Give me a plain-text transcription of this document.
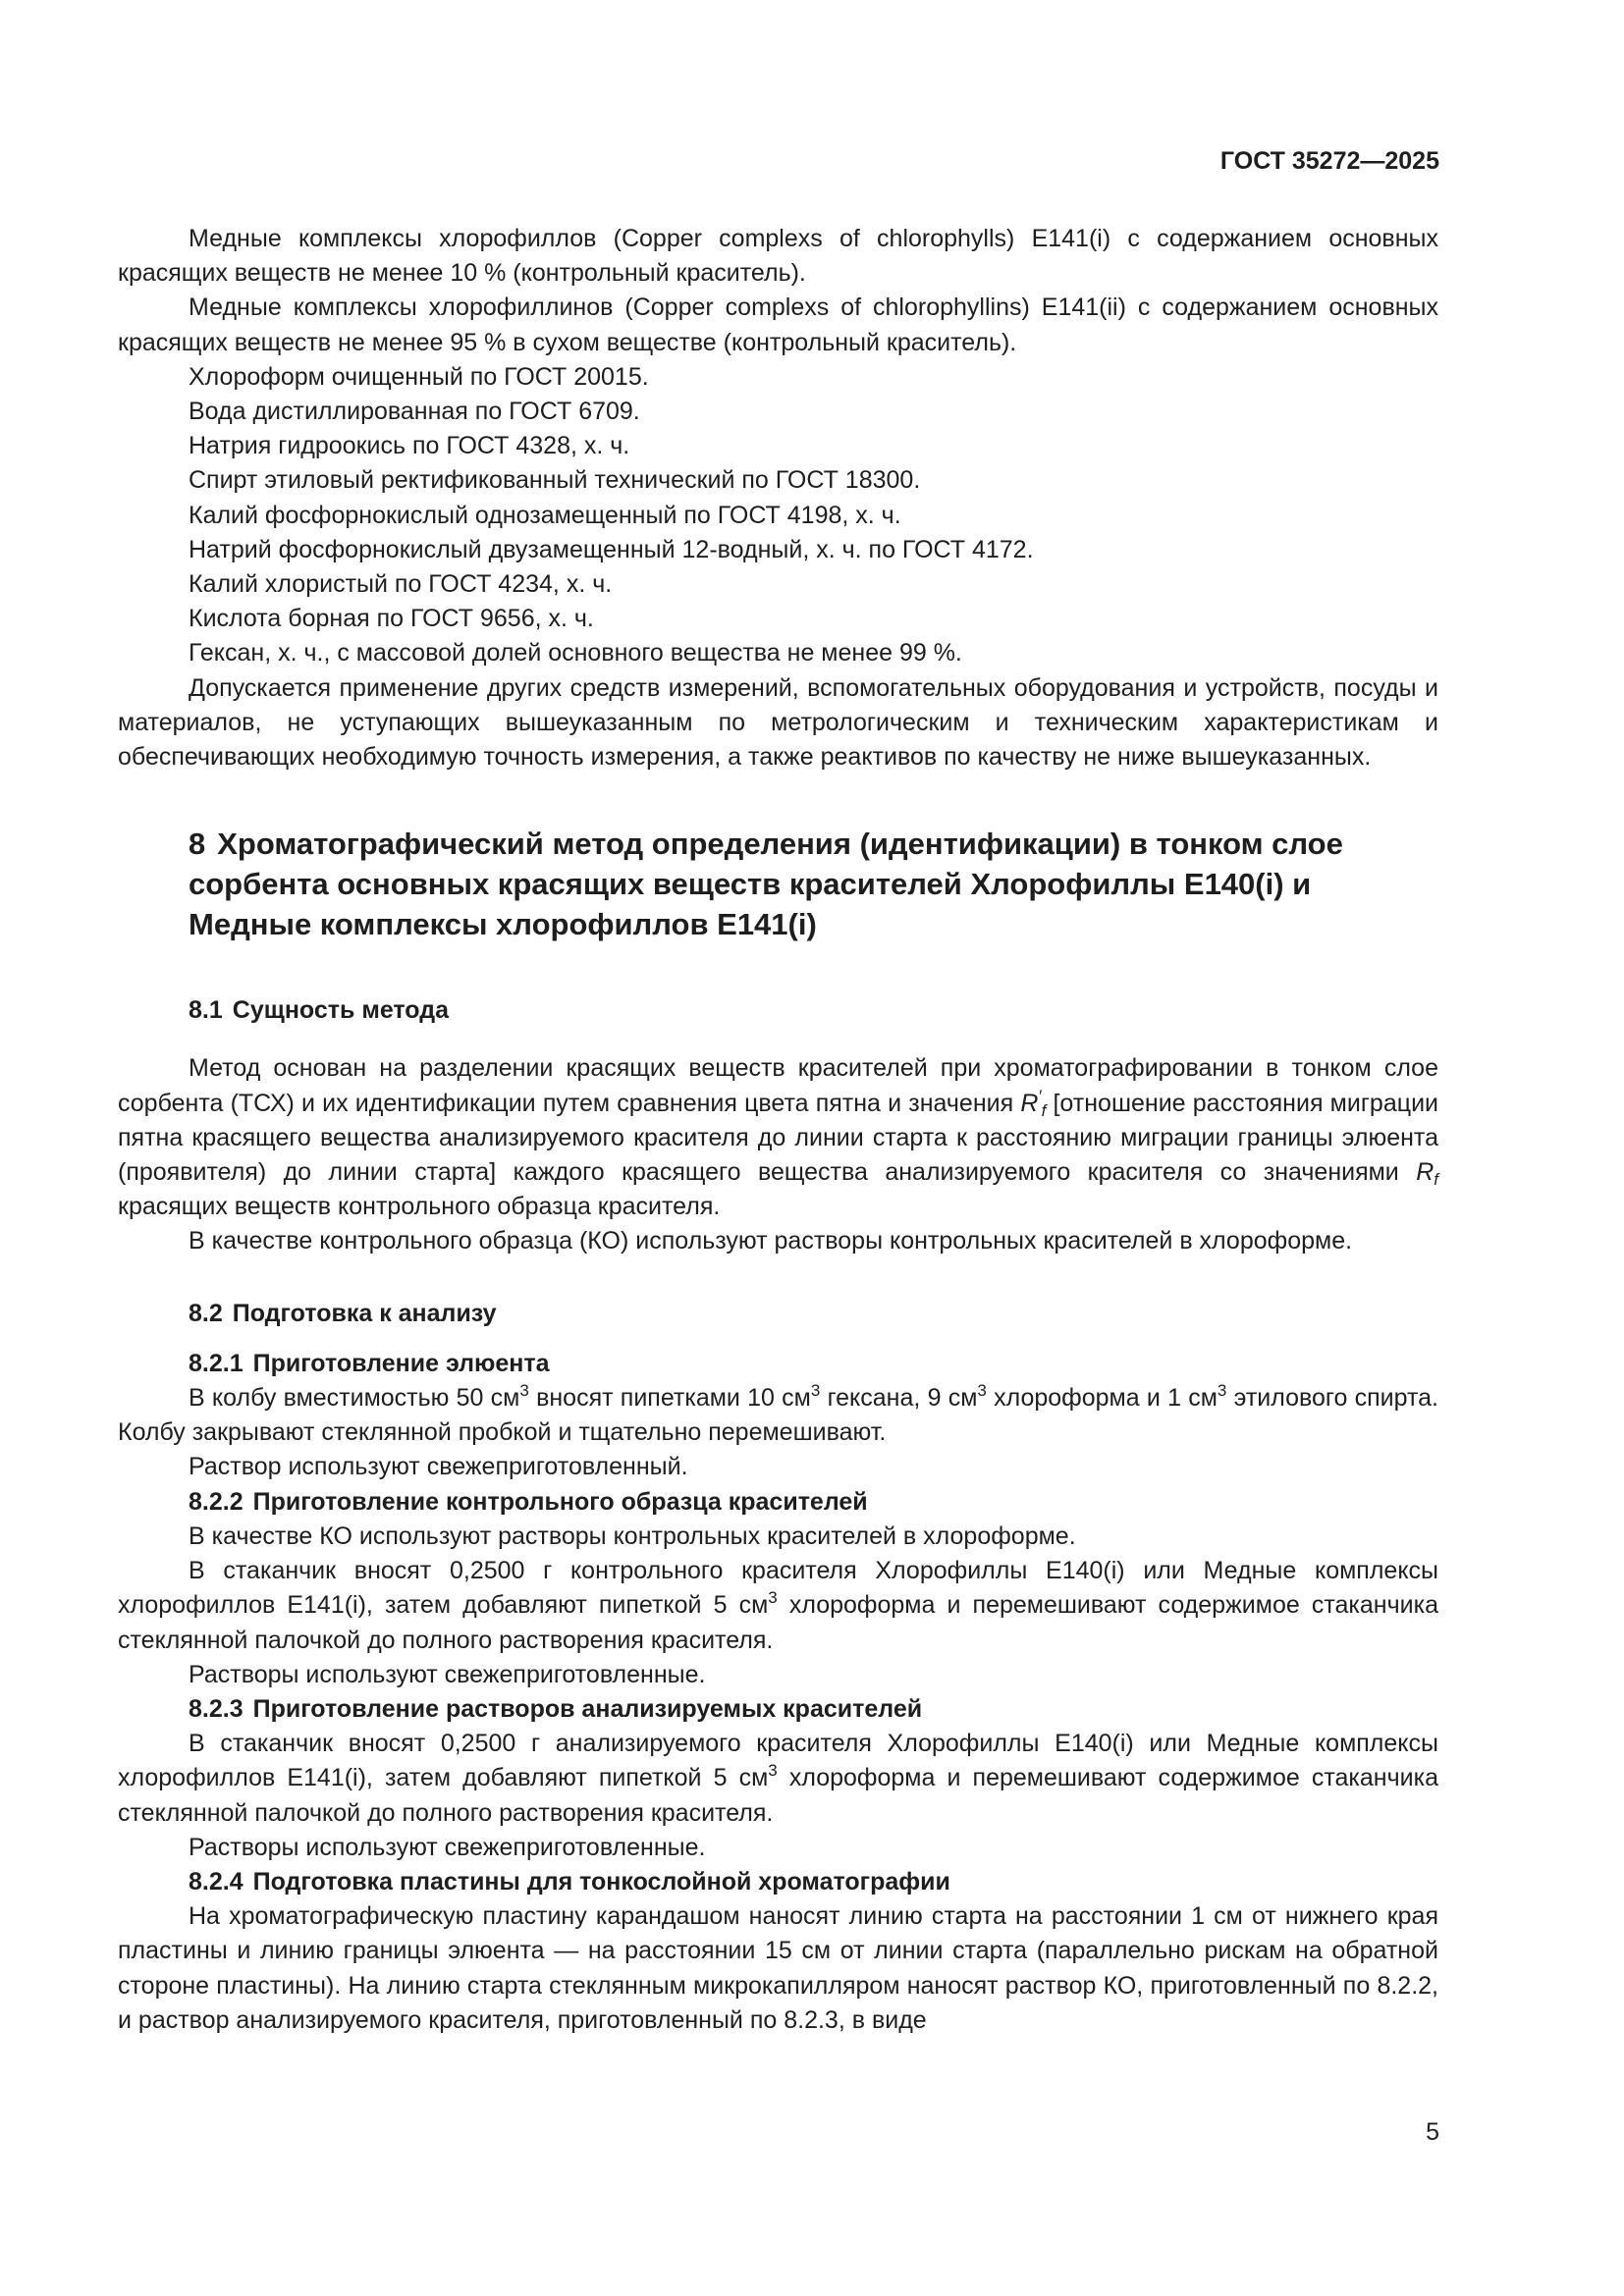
ГОСТ 35272—2025

Медные комплексы хлорофиллов (Copper complexs of chlorophylls) E141(i) с содержанием основных красящих веществ не менее 10 % (контрольный краситель).

Медные комплексы хлорофиллинов (Copper complexs of chlorophyllins) E141(ii) с содержанием основных красящих веществ не менее 95 % в сухом веществе (контрольный краситель).

Хлороформ очищенный по ГОСТ 20015.

Вода дистиллированная по ГОСТ 6709.

Натрия гидроокись по ГОСТ 4328, х. ч.

Спирт этиловый ректификованный технический по ГОСТ 18300.

Калий фосфорнокислый однозамещенный по ГОСТ 4198, х. ч.

Натрий фосфорнокислый двузамещенный 12-водный, х. ч. по ГОСТ 4172.

Калий хлористый по ГОСТ 4234, х. ч.

Кислота борная по ГОСТ 9656, х. ч.

Гексан, х. ч., с массовой долей основного вещества не менее 99 %.

Допускается применение других средств измерений, вспомогательных оборудования и устройств, посуды и материалов, не уступающих вышеуказанным по метрологическим и техническим характеристикам и обеспечивающих необходимую точность измерения, а также реактивов по качеству не ниже вышеуказанных.

8 Хроматографический метод определения (идентификации) в тонком слое сорбента основных красящих веществ красителей Хлорофиллы E140(i) и Медные комплексы хлорофиллов E141(i)
8.1 Сущность метода

Метод основан на разделении красящих веществ красителей при хроматографировании в тонком слое сорбента (ТСХ) и их идентификации путем сравнения цвета пятна и значения $R'_f$ [отношение расстояния миграции пятна красящего вещества анализируемого красителя до линии старта к расстоянию миграции границы элюента (проявителя) до линии старта] каждого красящего вещества анализируемого красителя со значениями $R_f$ красящих веществ контрольного образца красителя.

В качестве контрольного образца (КО) используют растворы контрольных красителей в хлороформе.

8.2 Подготовка к анализу
8.2.1 Приготовление элюента

В колбу вместимостью 50 $см^3$ вносят пипетками 10 $см^3$ гексана, 9 $см^3$ хлороформа и 1 $см^3$ этилового спирта. Колбу закрывают стеклянной пробкой и тщательно перемешивают.

Раствор используют свежеприготовленный.

8.2.2 Приготовление контрольного образца красителей

В качестве КО используют растворы контрольных красителей в хлороформе.

В стаканчик вносят 0,2500 г контрольного красителя Хлорофиллы E140(i) или Медные комплексы хлорофиллов E141(i), затем добавляют пипеткой 5 $см^3$ хлороформа и перемешивают содержимое стаканчика стеклянной палочкой до полного растворения красителя.

Растворы используют свежеприготовленные.

8.2.3 Приготовление растворов анализируемых красителей

В стаканчик вносят 0,2500 г анализируемого красителя Хлорофиллы E140(i) или Медные комплексы хлорофиллов E141(i), затем добавляют пипеткой 5 $см^3$ хлороформа и перемешивают содержимое стаканчика стеклянной палочкой до полного растворения красителя.

Растворы используют свежеприготовленные.

8.2.4 Подготовка пластины для тонкослойной хроматографии

На хроматографическую пластину карандашом наносят линию старта на расстоянии 1 см от нижнего края пластины и линию границы элюента — на расстоянии 15 см от линии старта (параллельно рискам на обратной стороне пластины). На линию старта стеклянным микрокапилляром наносят раствор КО, приготовленный по 8.2.2, и раствор анализируемого красителя, приготовленный по 8.2.3, в виде

5
